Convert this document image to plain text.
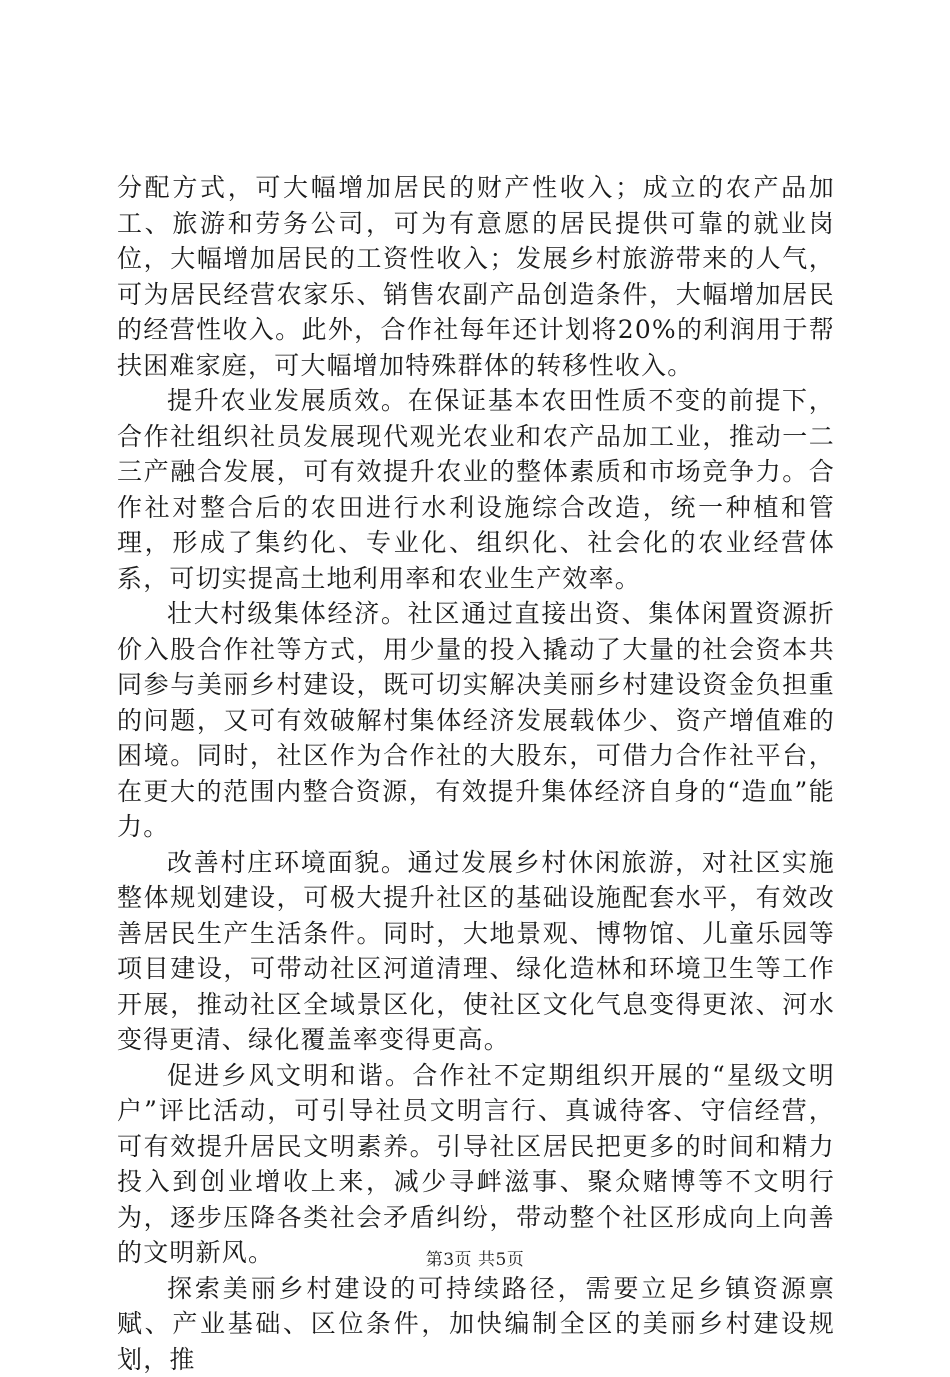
分配方式，可大幅增加居民的财产性收入；成立的农产品加工、旅游和劳务公司，可为有意愿的居民提供可靠的就业岗位，大幅增加居民的工资性收入；发展乡村旅游带来的人气，可为居民经营农家乐、销售农副产品创造条件，大幅增加居民的经营性收入。此外，合作社每年还计划将20%的利润用于帮扶困难家庭，可大幅增加特殊群体的转移性收入。

提升农业发展质效。在保证基本农田性质不变的前提下，合作社组织社员发展现代观光农业和农产品加工业，推动一二三产融合发展，可有效提升农业的整体素质和市场竞争力。合作社对整合后的农田进行水利设施综合改造，统一种植和管理，形成了集约化、专业化、组织化、社会化的农业经营体系，可切实提高土地利用率和农业生产效率。

壮大村级集体经济。社区通过直接出资、集体闲置资源折价入股合作社等方式，用少量的投入撬动了大量的社会资本共同参与美丽乡村建设，既可切实解决美丽乡村建设资金负担重的问题，又可有效破解村集体经济发展载体少、资产增值难的困境。同时，社区作为合作社的大股东，可借力合作社平台，在更大的范围内整合资源，有效提升集体经济自身的“造血”能力。

改善村庄环境面貌。通过发展乡村休闲旅游，对社区实施整体规划建设，可极大提升社区的基础设施配套水平，有效改善居民生产生活条件。同时，大地景观、博物馆、儿童乐园等项目建设，可带动社区河道清理、绿化造林和环境卫生等工作开展，推动社区全域景区化，使社区文化气息变得更浓、河水变得更清、绿化覆盖率变得更高。

促进乡风文明和谐。合作社不定期组织开展的“星级文明户”评比活动，可引导社员文明言行、真诚待客、守信经营，可有效提升居民文明素养。引导社区居民把更多的时间和精力投入到创业增收上来，减少寻衅滋事、聚众赌博等不文明行为，逐步压降各类社会矛盾纠纷，带动整个社区形成向上向善的文明新风。

探索美丽乡村建设的可持续路径，需要立足乡镇资源禀赋、产业基础、区位条件，加快编制全区的美丽乡村建设规划，推

第3页 共5页
